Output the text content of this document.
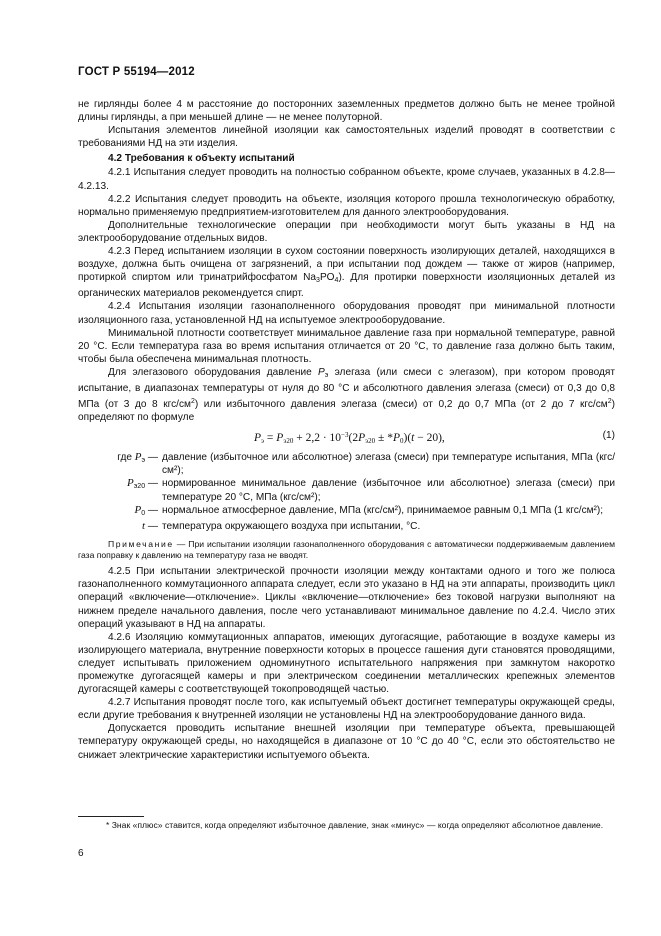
ГОСТ Р 55194—2012

не гирлянды более 4 м расстояние до посторонних заземленных предметов должно быть не менее тройной длины гирлянды, а при меньшей длине — не менее полуторной.

Испытания элементов линейной изоляции как самостоятельных изделий проводят в соответствии с требованиями НД на эти изделия.

4.2 Требования к объекту испытаний

4.2.1 Испытания следует проводить на полностью собранном объекте, кроме случаев, указанных в 4.2.8—4.2.13.

4.2.2 Испытания следует проводить на объекте, изоляция которого прошла технологическую обработку, нормально применяемую предприятием-изготовителем для данного электрооборудования.

Дополнительные технологические операции при необходимости могут быть указаны в НД на электрооборудование отдельных видов.

4.2.3 Перед испытанием изоляции в сухом состоянии поверхность изолирующих деталей, находящихся в воздухе, должна быть очищена от загрязнений, а при испытании под дождем — также от жиров (например, протиркой спиртом или тринатрийфосфатом $Na_3PO_4$). Для протирки поверхности изоляционных деталей из органических материалов рекомендуется спирт.

4.2.4 Испытания изоляции газонаполненного оборудования проводят при минимальной плотности изоляционного газа, установленной НД на испытуемое электрооборудование.

Минимальной плотности соответствует минимальное давление газа при нормальной температуре, равной 20 °С. Если температура газа во время испытания отличается от 20 °С, то давление газа должно быть таким, чтобы была обеспечена минимальная плотность.

Для элегазового оборудования давление $P_э$ элегаза (или смеси с элегазом), при котором проводят испытание, в диапазонах температуры от нуля до 80 °С и абсолютного давления элегаза (смеси) от 0,3 до 0,8 МПа (от 3 до 8 кгс/$см^2$) или избыточного давления элегаза (смеси) от 0,2 до 0,7 МПа (от 2 до 7 кгс/$см^2$) определяют по формуле

$P_э = P_{э20} + 2,2 \cdot 10^{-3}(2P_{э20} \pm *P_0)(t - 20)$,	(1)
где $P_э$ — давление (избыточное или абсолютное) элегаза (смеси) при температуре испытания, МПа (кгс/см²);
$P_{э20}$ — нормированное минимальное давление (избыточное или абсолютное) элегаза (смеси) при температуре 20 °С, МПа (кгс/см²);
$P_0$ — нормальное атмосферное давление, МПа (кгс/см²), принимаемое равным 0,1 МПа (1 кгс/см²);
t — температура окружающего воздуха при испытании, °С.

Примечание — При испытании изоляции газонаполненного оборудования с автоматически поддерживаемым давлением газа поправку к давлению на температуру газа не вводят.

4.2.5 При испытании электрической прочности изоляции между контактами одного и того же полюса газонаполненного коммутационного аппарата следует, если это указано в НД на эти аппараты, производить цикл операций «включение—отключение». Циклы «включение—отключение» без токовой нагрузки выполняют на нижнем пределе начального давления, после чего устанавливают минимальное давление по 4.2.4. Число этих операций указывают в НД на аппараты.

4.2.6 Изоляцию коммутационных аппаратов, имеющих дугогасящие, работающие в воздухе камеры из изолирующего материала, внутренние поверхности которых в процессе гашения дуги становятся проводящими, следует испытывать приложением одноминутного испытательного напряжения при замкнутом накоротко промежутке дугогасящей камеры и при электрическом соединении металлических крепежных элементов дугогасящей камеры с соответствующей токопроводящей частью.

4.2.7 Испытания проводят после того, как испытуемый объект достигнет температуры окружающей среды, если другие требования к внутренней изоляции не установлены НД на электрооборудование данного вида.

Допускается проводить испытание внешней изоляции при температуре объекта, превышающей температуру окружающей среды, но находящейся в диапазоне от 10 °С до 40 °С, если это обстоятельство не снижает электрические характеристики испытуемого объекта.

* Знак «плюс» ставится, когда определяют избыточное давление, знак «минус» — когда определяют абсолютное давление.
6
